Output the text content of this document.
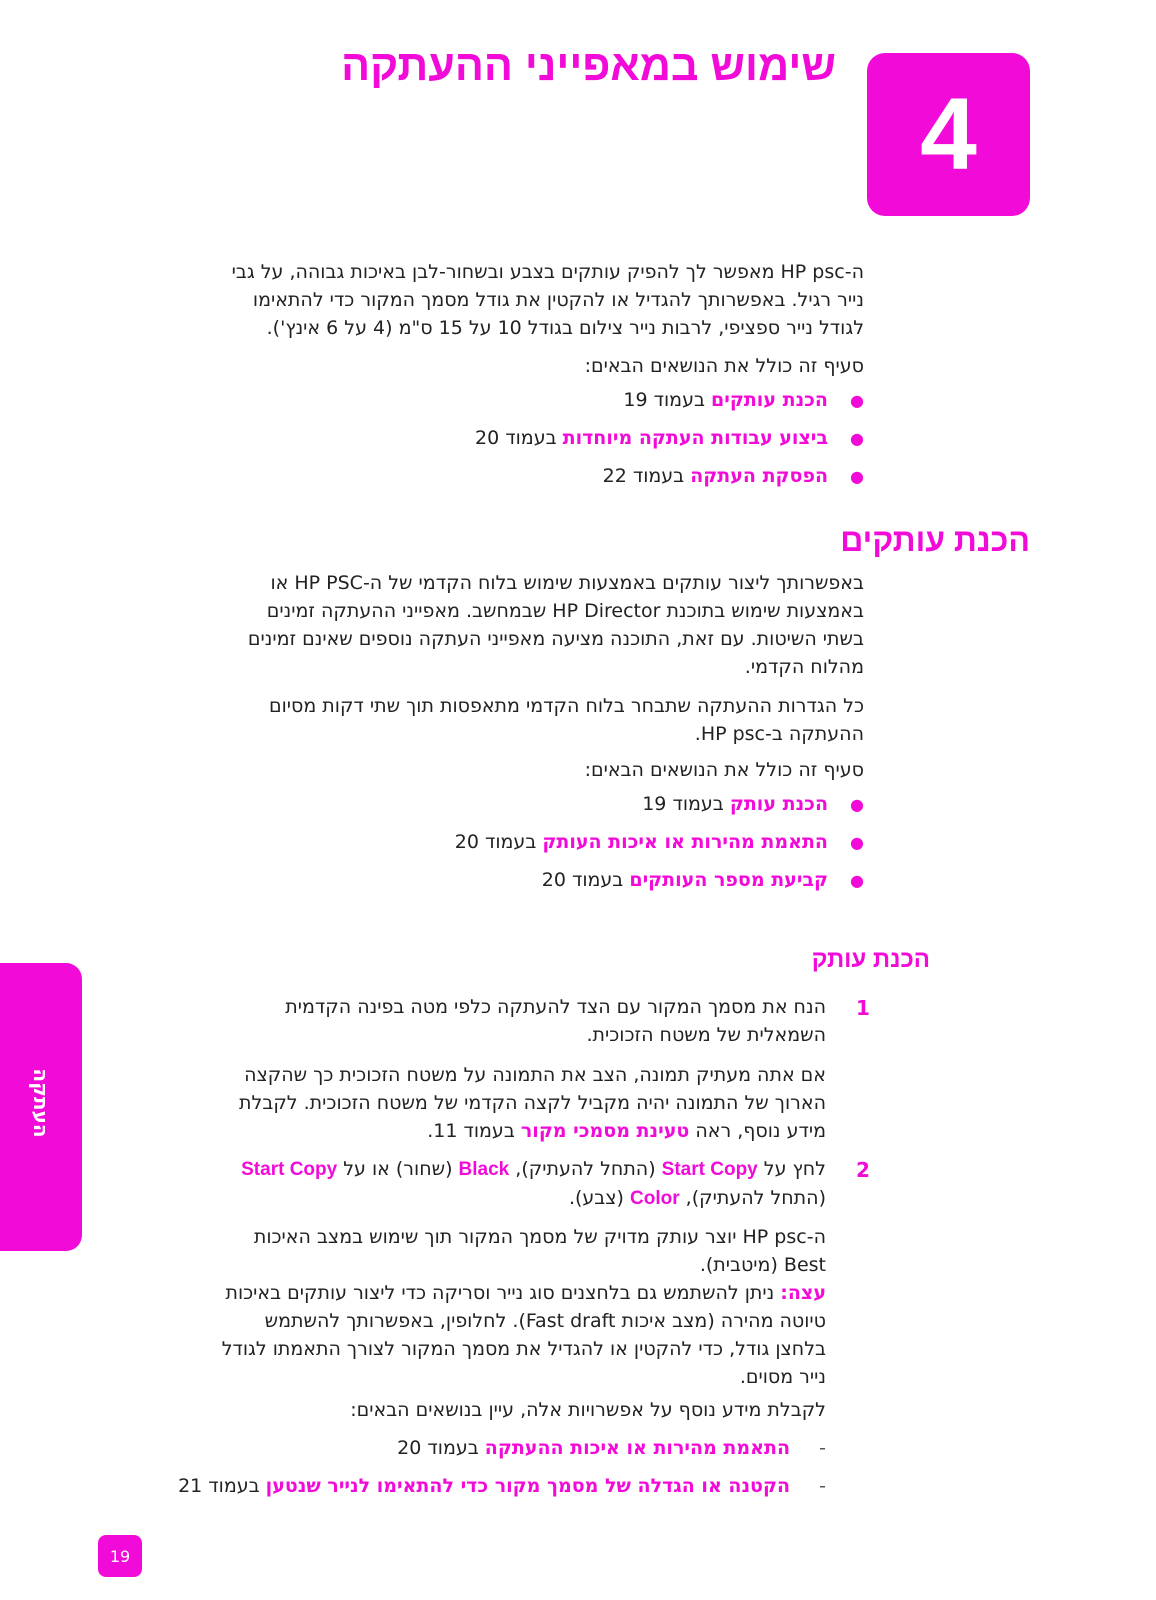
4
שימוש במאפייני ההעתקה

ה-HP psc מאפשר לך להפיק עותקים בצבע ובשחור-לבן באיכות גבוהה, על גבי

נייר רגיל. באפשרותך להגדיל או להקטין את גודל מסמך המקור כדי להתאימו

לגודל נייר ספציפי, לרבות נייר צילום בגודל 10 על 15 ס"מ (4 על 6 אינץ').

סעיף זה כולל את הנושאים הבאים:

●הכנת עותקים בעמוד 19
●ביצוע עבודות העתקה מיוחדות בעמוד 20
●הפסקת העתקה בעמוד 22
הכנת עותקים

באפשרותך ליצור עותקים באמצעות שימוש בלוח הקדמי של ה-HP PSC או

באמצעות שימוש בתוכנת HP Director שבמחשב. מאפייני ההעתקה זמינים

בשתי השיטות. עם זאת, התוכנה מציעה מאפייני העתקה נוספים שאינם זמינים

מהלוח הקדמי.

כל הגדרות ההעתקה שתבחר בלוח הקדמי מתאפסות תוך שתי דקות מסיום

ההעתקה ב-HP psc.

סעיף זה כולל את הנושאים הבאים:

●הכנת עותק בעמוד 19
●התאמת מהירות או איכות העותק בעמוד 20
●קביעת מספר העותקים בעמוד 20
הכנת עותק
1

הנח את מסמך המקור עם הצד להעתקה כלפי מטה בפינה הקדמית

השמאלית של משטח הזכוכית.

אם אתה מעתיק תמונה, הצב את התמונה על משטח הזכוכית כך שהקצה

הארוך של התמונה יהיה מקביל לקצה הקדמי של משטח הזכוכית. לקבלת

מידע נוסף, ראה טעינת מסמכי מקור בעמוד 11.

2

לחץ על Start Copy (התחל להעתיק), Black (שחור) או על Start Copy

(התחל להעתיק), Color (צבע).

ה-HP psc יוצר עותק מדויק של מסמך המקור תוך שימוש במצב האיכות

Best (מיטבית).

עצה: ניתן להשתמש גם בלחצנים סוג נייר וסריקה כדי ליצור עותקים באיכות

טיוטה מהירה (מצב איכות Fast draft). לחלופין, באפשרותך להשתמש

בלחצן גודל, כדי להקטין או להגדיל את מסמך המקור לצורך התאמתו לגודל

נייר מסוים.

לקבלת מידע נוסף על אפשרויות אלה, עיין בנושאים הבאים:

-התאמת מהירות או איכות ההעתקה בעמוד 20
-הקטנה או הגדלה של מסמך מקור כדי להתאימו לנייר שנטען בעמוד 21
העתקה
19
